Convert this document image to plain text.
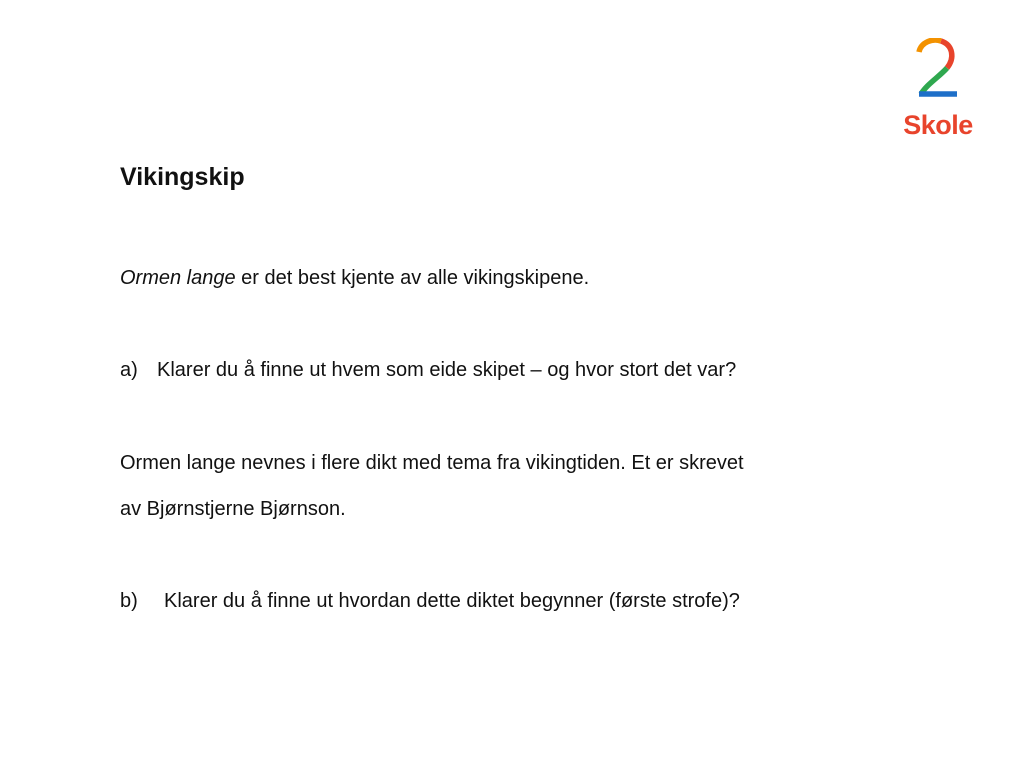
Skole
Vikingskip
Ormen lange er det best kjente av alle vikingskipene.
a) Klarer du å finne ut hvem som eide skipet – og hvor stort det var?
Ormen lange nevnes i flere dikt med tema fra vikingtiden. Et er skrevet
av Bjørnstjerne Bjørnson.
b) Klarer du å finne ut hvordan dette diktet begynner (første strofe)?
